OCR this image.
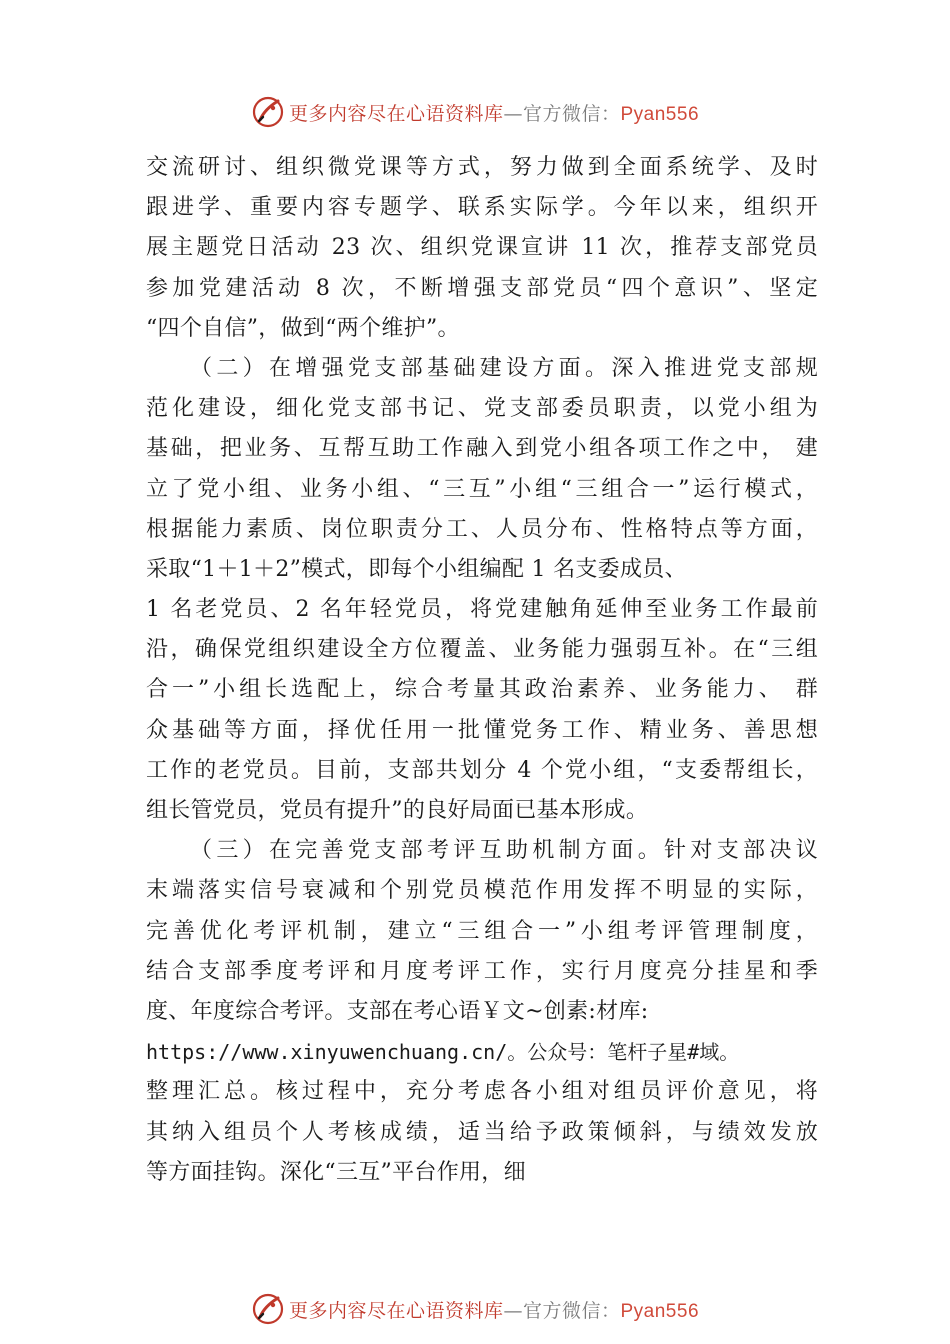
更多内容尽在心语资料库—官方微信：Pyan556
交流研讨、组织微党课等方式，努力做到全面系统学、及时
跟进学、重要内容专题学、联系实际学。今年以来，组织开
展主题党日活动 23 次、组织党课宣讲 11 次，推荐支部党员
参加党建活动 8 次，不断增强支部党员“四个意识”、坚定
“四个自信”，做到“两个维护”。
（二）在增强党支部基础建设方面。深入推进党支部规
范化建设，细化党支部书记、党支部委员职责，以党小组为
基础，把业务、互帮互助工作融入到党小组各项工作之中， 建
立了党小组、业务小组、“三互”小组“三组合一”运行模式，
根据能力素质、岗位职责分工、人员分布、性格特点等方面，
采取“1＋1＋2”模式，即每个小组编配 1 名支委成员、
1 名老党员、2 名年轻党员，将党建触角延伸至业务工作最前
沿，确保党组织建设全方位覆盖、业务能力强弱互补。在“三组
合一”小组长选配上，综合考量其政治素养、业务能力、 群
众基础等方面，择优任用一批懂党务工作、精业务、善思想
工作的老党员。目前，支部共划分 4 个党小组，“支委帮组长，
组长管党员，党员有提升”的良好局面已基本形成。
（三）在完善党支部考评互助机制方面。针对支部决议
末端落实信号衰减和个别党员模范作用发挥不明显的实际，
完善优化考评机制，建立“三组合一”小组考评管理制度，
结合支部季度考评和月度考评工作，实行月度亮分挂星和季
度、年度综合考评。支部在考心语￥文~创素:材库:
https://www.xinyuwenchuang.cn/。公众号：笔杆子星#域。
整理汇总。核过程中，充分考虑各小组对组员评价意见，将
其纳入组员个人考核成绩，适当给予政策倾斜，与绩效发放
等方面挂钩。深化“三互”平台作用，细
更多内容尽在心语资料库—官方微信：Pyan556
